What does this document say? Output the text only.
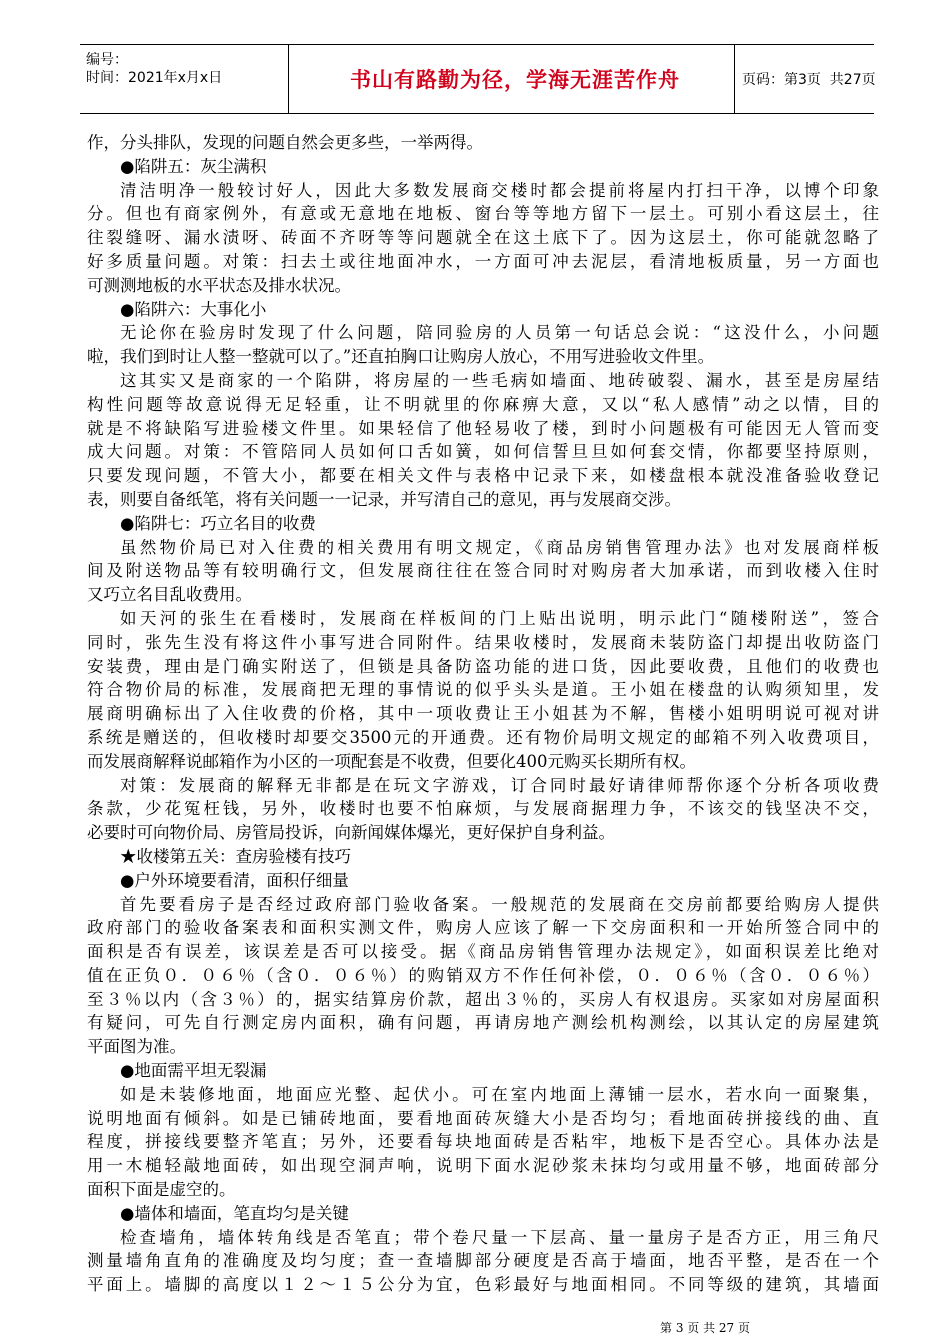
编号：
时间：2021年x月x日	书山有路勤为径，学海无涯苦作舟	页码：第3页  共27页
作，分头排队，发现的问题自然会更多些，一举两得。
●陷阱五：灰尘满积
清洁明净一般较讨好人，因此大多数发展商交楼时都会提前将屋内打扫干净，以博个印象
分。但也有商家例外，有意或无意地在地板、窗台等等地方留下一层土。可别小看这层土，往
往裂缝呀、漏水渍呀、砖面不齐呀等等问题就全在这土底下了。因为这层土，你可能就忽略了
好多质量问题。对策：扫去土或往地面冲水，一方面可冲去泥层，看清地板质量，另一方面也
可测测地板的水平状态及排水状况。
●陷阱六：大事化小
无论你在验房时发现了什么问题，陪同验房的人员第一句话总会说：“这没什么，小问题
啦，我们到时让人整一整就可以了。”还直拍胸口让购房人放心，不用写进验收文件里。
这其实又是商家的一个陷阱，将房屋的一些毛病如墙面、地砖破裂、漏水，甚至是房屋结
构性问题等故意说得无足轻重，让不明就里的你麻痹大意，又以“私人感情”动之以情，目的
就是不将缺陷写进验楼文件里。如果轻信了他轻易收了楼，到时小问题极有可能因无人管而变
成大问题。对策：不管陪同人员如何口舌如簧，如何信誓旦旦如何套交情，你都要坚持原则，
只要发现问题，不管大小，都要在相关文件与表格中记录下来，如楼盘根本就没准备验收登记
表，则要自备纸笔，将有关问题一一记录，并写清自己的意见，再与发展商交涉。
●陷阱七：巧立名目的收费
虽然物价局已对入住费的相关费用有明文规定，《商品房销售管理办法》也对发展商样板
间及附送物品等有较明确行文，但发展商往往在签合同时对购房者大加承诺，而到收楼入住时
又巧立名目乱收费用。
如天河的张生在看楼时，发展商在样板间的门上贴出说明，明示此门“随楼附送”，签合
同时，张先生没有将这件小事写进合同附件。结果收楼时，发展商未装防盗门却提出收防盗门
安装费，理由是门确实附送了，但锁是具备防盗功能的进口货，因此要收费，且他们的收费也
符合物价局的标准，发展商把无理的事情说的似乎头头是道。王小姐在楼盘的认购须知里，发
展商明确标出了入住收费的价格，其中一项收费让王小姐甚为不解，售楼小姐明明说可视对讲
系统是赠送的，但收楼时却要交3500元的开通费。还有物价局明文规定的邮箱不列入收费项目，
而发展商解释说邮箱作为小区的一项配套是不收费，但要化400元购买长期所有权。
对策：发展商的解释无非都是在玩文字游戏，订合同时最好请律师帮你逐个分析各项收费
条款，少花冤枉钱，另外，收楼时也要不怕麻烦，与发展商据理力争，不该交的钱坚决不交，
必要时可向物价局、房管局投诉，向新闻媒体爆光，更好保护自身利益。
★收楼第五关：查房验楼有技巧
●户外环境要看清，面积仔细量
首先要看房子是否经过政府部门验收备案。一般规范的发展商在交房前都要给购房人提供
政府部门的验收备案表和面积实测文件，购房人应该了解一下交房面积和一开始所签合同中的
面积是否有误差，该误差是否可以接受。据《商品房销售管理办法规定》，如面积误差比绝对
值在正负０．０６％（含０．０６％）的购销双方不作任何补偿，０．０６％（含０．０６％）
至３％以内（含３％）的，据实结算房价款，超出３％的，买房人有权退房。买家如对房屋面积
有疑问，可先自行测定房内面积，确有问题，再请房地产测绘机构测绘，以其认定的房屋建筑
平面图为准。
●地面需平坦无裂漏
如是未装修地面，地面应光整、起伏小。可在室内地面上薄铺一层水，若水向一面聚集，
说明地面有倾斜。如是已铺砖地面，要看地面砖灰缝大小是否均匀；看地面砖拼接线的曲、直
程度，拼接线要整齐笔直；另外，还要看每块地面砖是否粘牢，地板下是否空心。具体办法是
用一木槌轻敲地面砖，如出现空洞声响，说明下面水泥砂浆未抹均匀或用量不够，地面砖部分
面积下面是虚空的。
●墙体和墙面，笔直均匀是关键
检查墙角，墙体转角线是否笔直；带个卷尺量一下层高、量一量房子是否方正，用三角尺
测量墙角直角的准确度及均匀度；查一查墙脚部分硬度是否高于墙面，地否平整，是否在一个
平面上。墙脚的高度以１２～１５公分为宜，色彩最好与地面相同。不同等级的建筑，其墙面
第 3 页 共 27 页
